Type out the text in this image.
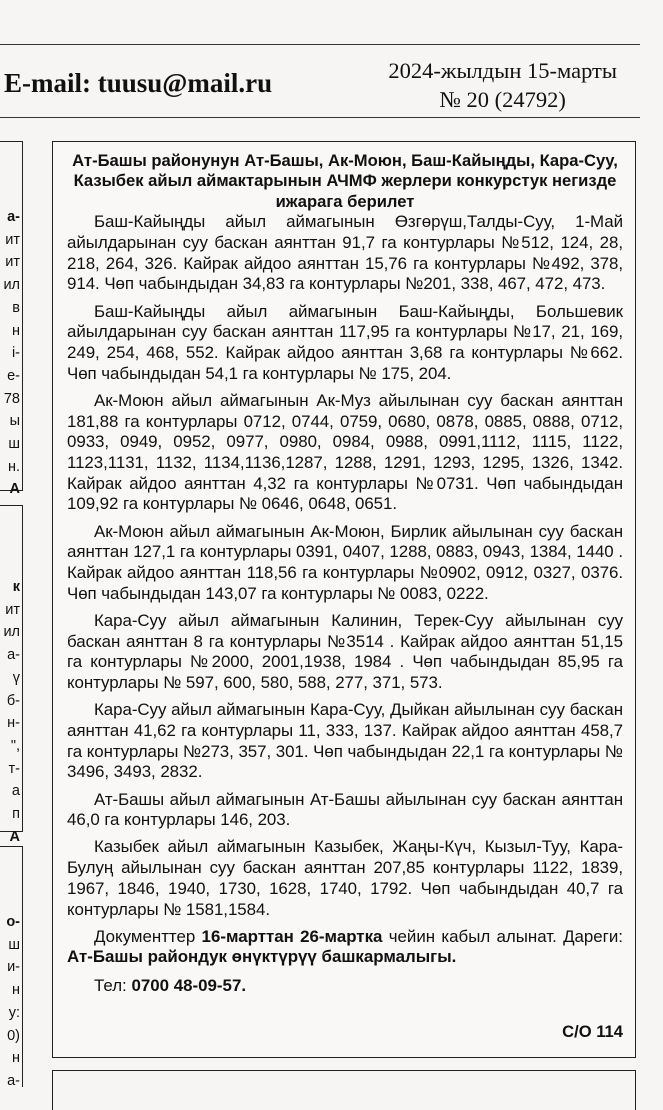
E-mail: tuusu@mail.ru	2024-жылдын 15-марты
№ 20 (24792)
а-
ит
ит
ил
в
н
і-
е-
78
ы
ш
н.
А
к
ит
ил
а-
ү
б-
н-
",
т-
а
п
А
о-
ш
и-
н
у:
0)
н
а-
Ат-Башы районунун Ат-Башы, Ак-Моюн, Баш-Кайыңды, Кара-Суу, Казыбек айыл аймактарынын АЧМФ жерлери конкурстук негизде ижарага берилет

Баш-Кайыңды айыл аймагынын Өзгөрүш,Талды-Суу, 1-Май айылдарынан суу баскан аянттан 91,7 га контурлары №512, 124, 28, 218, 264, 326. Кайрак айдоо аянттан 15,76 га контурлары №492, 378, 914. Чөп чабындыдан 34,83 га контурлары №201, 338, 467, 472, 473.

Баш-Кайыңды айыл аймагынын Баш-Кайыңды, Большевик айылдарынан суу баскан аянттан 117,95 га контурлары №17, 21, 169, 249, 254, 468, 552. Кайрак айдоо аянттан 3,68 га контурлары №662. Чөп чабындыдан 54,1 га контурлары № 175, 204.

Ак-Моюн айыл аймагынын Ак-Муз айылынан суу баскан аянттан 181,88 га контурлары 0712, 0744, 0759, 0680, 0878, 0885, 0888, 0712, 0933, 0949, 0952, 0977, 0980, 0984, 0988, 0991,1112, 1115, 1122, 1123,1131, 1132, 1134,1136,1287, 1288, 1291, 1293, 1295, 1326, 1342. Кайрак айдоо аянттан 4,32 га контурлары №0731. Чөп чабындыдан 109,92 га контурлары № 0646, 0648, 0651.

Ак-Моюн айыл аймагынын Ак-Моюн, Бирлик айылынан суу баскан аянттан 127,1 га контурлары 0391, 0407, 1288, 0883, 0943, 1384, 1440 . Кайрак айдоо аянттан 118,56 га контурлары №0902, 0912, 0327, 0376. Чөп чабындыдан 143,07 га контурлары № 0083, 0222.

Кара-Суу айыл аймагынын Калинин, Терек-Суу айылынан суу баскан аянттан 8 га контурлары №3514 . Кайрак айдоо аянттан 51,15 га контурлары №2000, 2001,1938, 1984 . Чөп чабындыдан 85,95 га контурлары № 597, 600, 580, 588, 277, 371, 573.

Кара-Суу айыл аймагынын Кара-Суу, Дыйкан айылынан суу баскан аянттан 41,62 га контурлары 11, 333, 137. Кайрак айдоо аянттан 458,7 га контурлары №273, 357, 301. Чөп чабындыдан 22,1 га контурлары № 3496, 3493, 2832.

Ат-Башы айыл аймагынын Ат-Башы айылынан суу баскан аянттан 46,0 га контурлары 146, 203.

Казыбек айыл аймагынын Казыбек, Жаңы-Күч, Кызыл-Туу, Кара- Булуң айылынан суу баскан аянттан 207,85 контурлары 1122, 1839, 1967, 1846, 1940, 1730, 1628, 1740, 1792. Чөп чабындыдан 40,7 га контурлары № 1581,1584.

Документтер 16-марттан 26-мартка чейин кабыл алынат. Дареги: Ат-Башы райондук өнүктүрүү башкармалыгы.

Тел: 0700 48-09-57.

С/О 114
